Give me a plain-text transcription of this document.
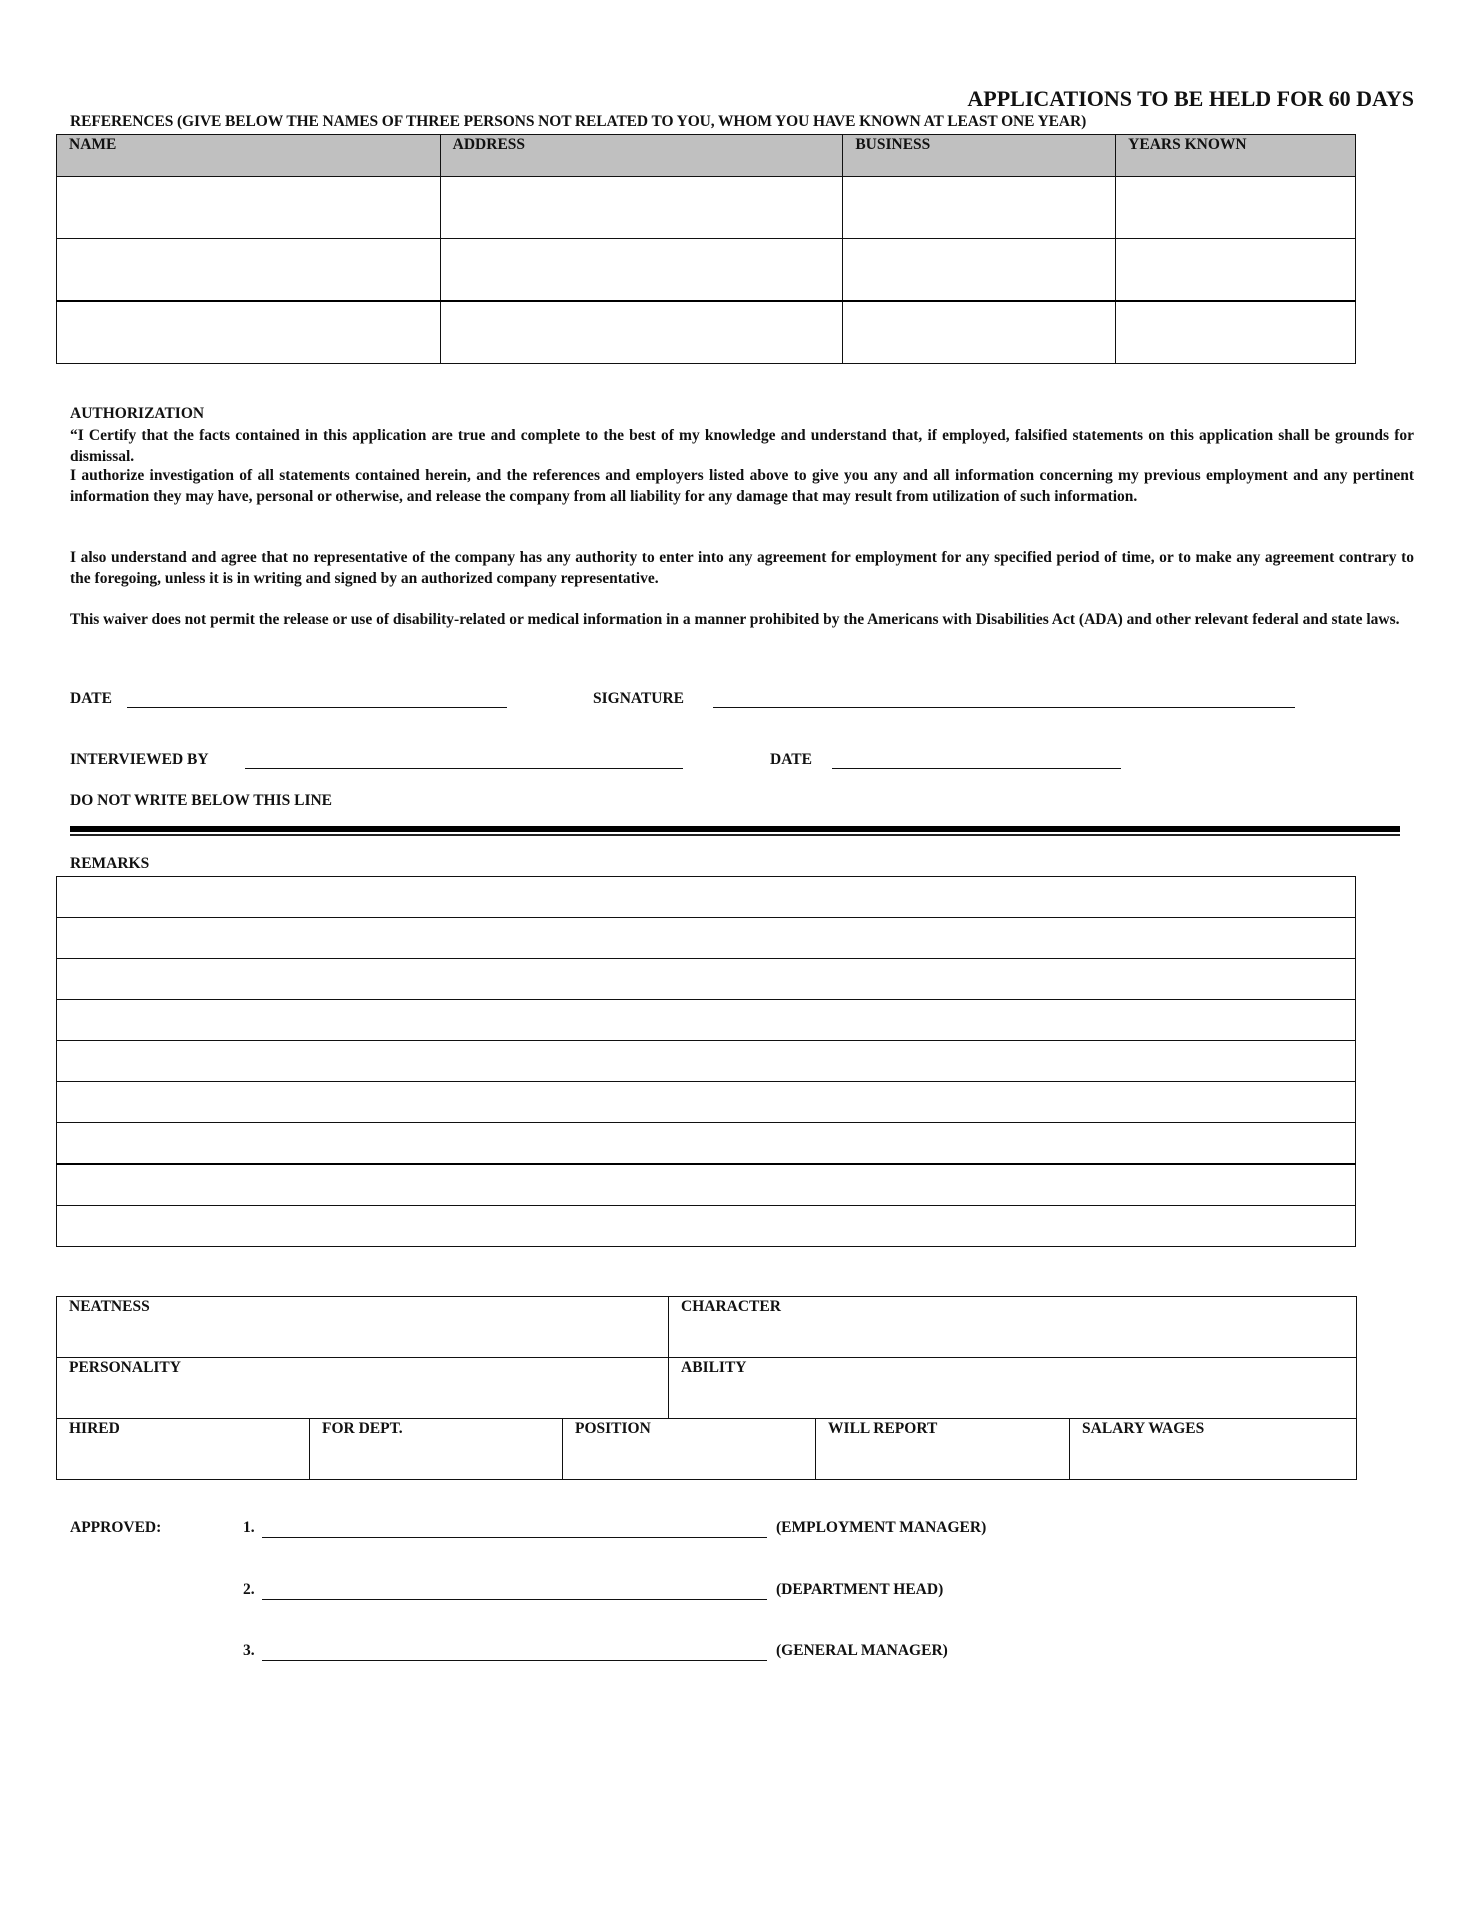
APPLICATIONS TO BE HELD FOR 60 DAYS
REFERENCES (GIVE BELOW THE NAMES OF THREE PERSONS NOT RELATED TO YOU, WHOM YOU HAVE KNOWN AT LEAST ONE YEAR)
NAME	ADDRESS	BUSINESS	YEARS KNOWN

AUTHORIZATION
“I Certify that the facts contained in this application are true and complete to the best of my knowledge and understand that, if employed, falsified statements on this application shall be grounds for dismissal.
I authorize investigation of all statements contained herein, and the references and employers listed above to give you any and all information concerning my previous employment and any pertinent information they may have, personal or otherwise, and release the company from all liability for any damage that may result from utilization of such information.
I also understand and agree that no representative of the company has any authority to enter into any agreement for employment for any specified period of time, or to make any agreement contrary to the foregoing, unless it is in writing and signed by an authorized company representative.
This waiver does not permit the release or use of disability-related or medical information in a manner prohibited by the Americans with Disabilities Act (ADA) and other relevant federal and state laws.
DATE	SIGNATURE
INTERVIEWED BY	DATE
DO NOT WRITE BELOW THIS LINE
REMARKS

NEATNESS			CHARACTER		

PERSONALITY			ABILITY		

HIRED	FOR DEPT.	POSITION		WILL REPORT	SALARY WAGES
APPROVED:	1.	(EMPLOYMENT MANAGER)
2.	(DEPARTMENT HEAD)
3.	(GENERAL MANAGER)
